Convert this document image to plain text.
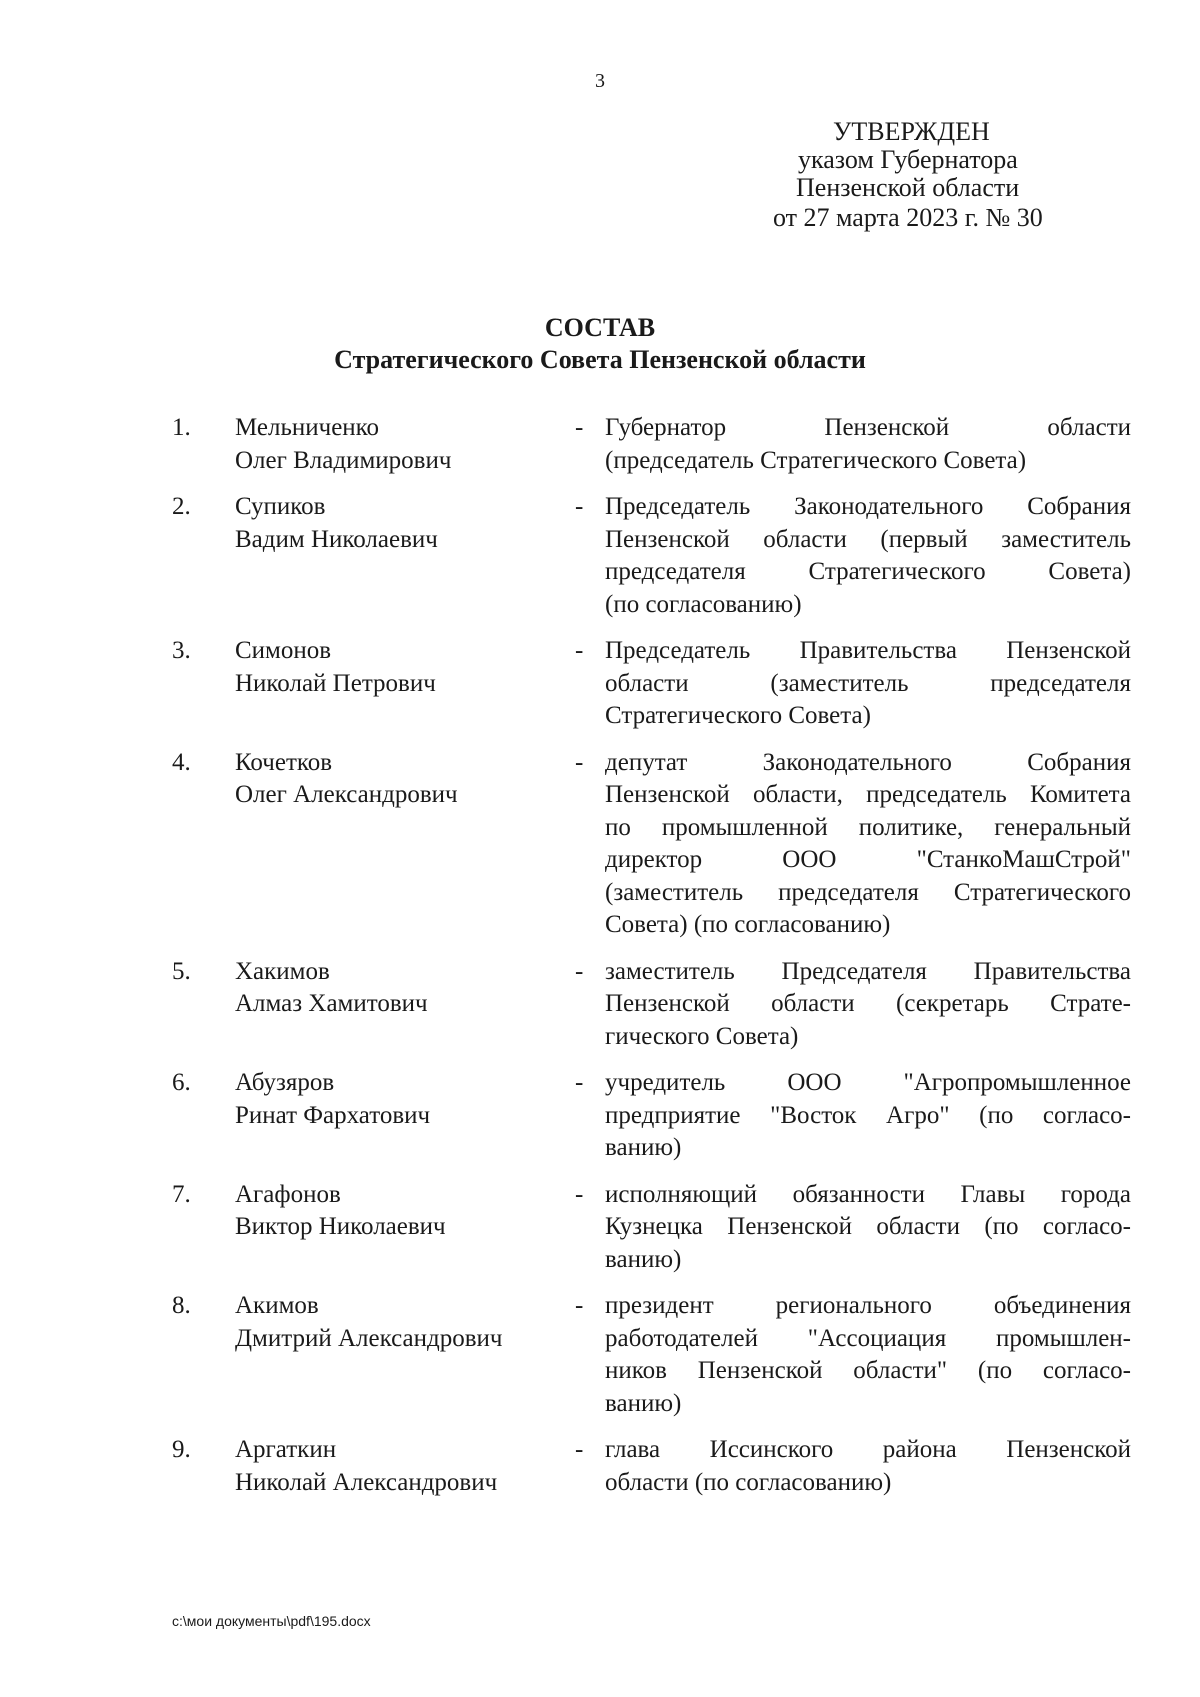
3
УТВЕРЖДЕН
указом Губернатора
Пензенской области
от 27 марта 2023 г. № 30
СОСТАВ
Стратегического Совета Пензенской области
1. Мельниченко
Олег Владимирович
- Губернатор Пензенской области
(председатель Стратегического Совета)
2. Супиков
Вадим Николаевич
- Председатель Законодательного Собрания
Пензенской области (первый заместитель
председателя Стратегического Совета)
(по согласованию)
3. Симонов
Николай Петрович
- Председатель Правительства Пензенской
области (заместитель председателя
Стратегического Совета)
4. Кочетков
Олег Александрович
- депутат Законодательного Собрания
Пензенской области, председатель Комитета
по промышленной политике, генеральный
директор ООО "СтанкоМашСтрой"
(заместитель председателя Стратегического
Совета) (по согласованию)
5. Хакимов
Алмаз Хамитович
- заместитель Председателя Правительства
Пензенской области (секретарь Страте-
гического Совета)
6. Абузяров
Ринат Фархатович
- учредитель ООО "Агропромышленное
предприятие "Восток Агро" (по согласо-
ванию)
7. Агафонов
Виктор Николаевич
- исполняющий обязанности Главы города
Кузнецка Пензенской области (по согласо-
ванию)
8. Акимов
Дмитрий Александрович
- президент регионального объединения
работодателей "Ассоциация промышлен-
ников Пензенской области" (по согласо-
ванию)
9. Аргаткин
Николай Александрович
- глава Иссинского района Пензенской
области (по согласованию)
c:\мои документы\pdf\195.docx
